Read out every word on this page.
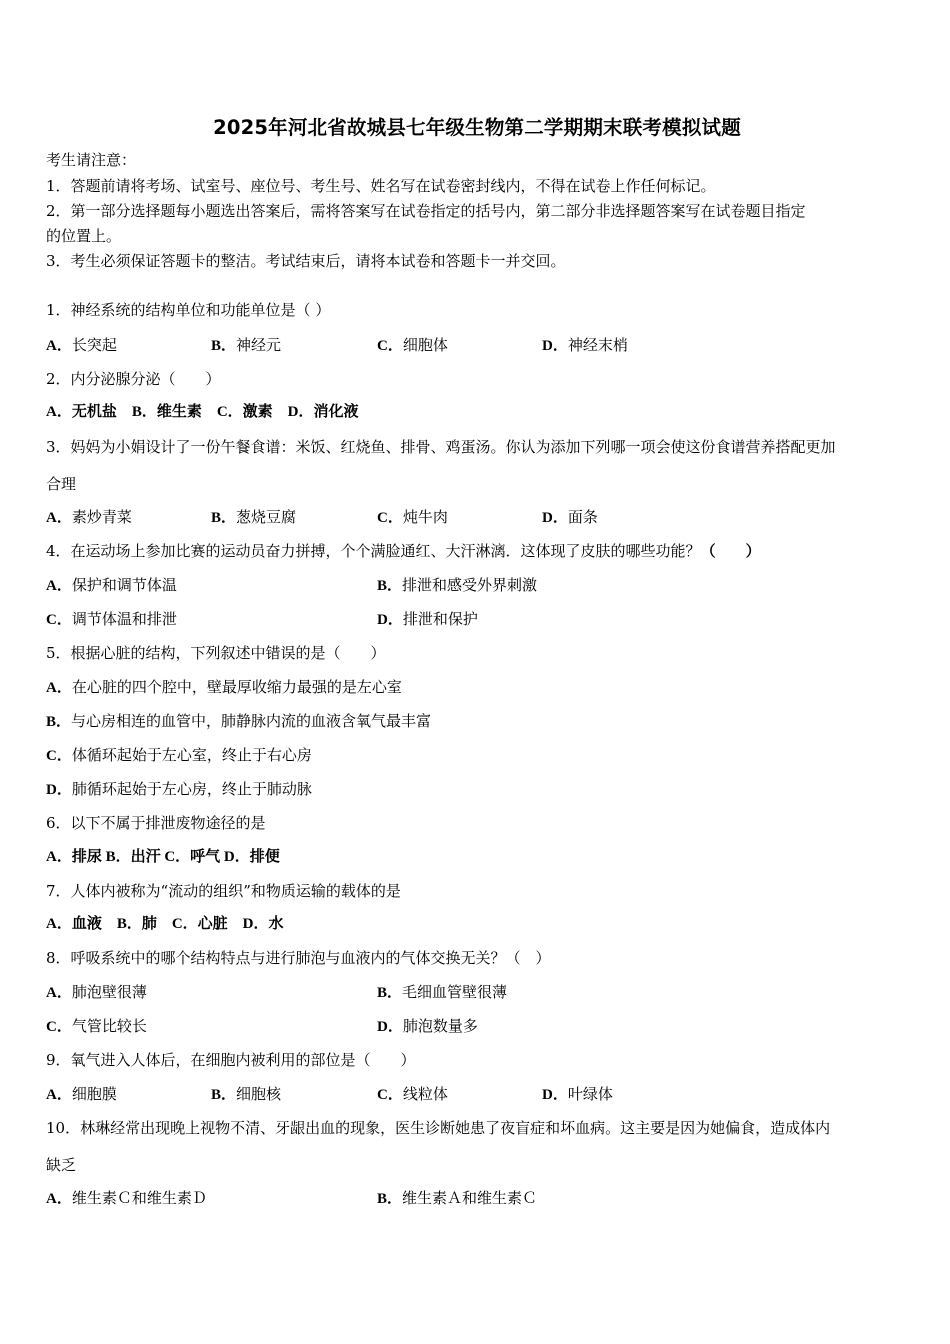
2025年河北省故城县七年级生物第二学期期末联考模拟试题
考生请注意：
1．答题前请将考场、试室号、座位号、考生号、姓名写在试卷密封线内，不得在试卷上作任何标记。
2．第一部分选择题每小题选出答案后，需将答案写在试卷指定的括号内，第二部分非选择题答案写在试卷题目指定
的位置上。
3．考生必须保证答题卡的整洁。考试结束后，请将本试卷和答题卡一并交回。
1．神经系统的结构单位和功能单位是（ ）
A．长突起	B．神经元	C．细胞体	D．神经末梢
2．内分泌腺分泌（　　）
A．无机盐　B．维生素　C．激素　D．消化液
3．妈妈为小娟设计了一份午餐食谱：米饭、红烧鱼、排骨、鸡蛋汤。你认为添加下列哪一项会使这份食谱营养搭配更加
合理
A．素炒青菜	B．葱烧豆腐	C．炖牛肉	D．面条
4．在运动场上参加比赛的运动员奋力拼搏，个个满脸通红、大汗淋漓．这体现了皮肤的哪些功能？（　　）
A．保护和调节体温	B．排泄和感受外界刺激
C．调节体温和排泄	D．排泄和保护
5．根据心脏的结构，下列叙述中错误的是（　　）
A．在心脏的四个腔中，壁最厚收缩力最强的是左心室
B．与心房相连的血管中，肺静脉内流的血液含氧气最丰富
C．体循环起始于左心室，终止于右心房
D．肺循环起始于左心房，终止于肺动脉
6．以下不属于排泄废物途径的是
A．排尿 B．出汗 C．呼气 D．排便
7．人体内被称为“流动的组织”和物质运输的载体的是
A．血液　B．肺　C．心脏　D．水
8．呼吸系统中的哪个结构特点与进行肺泡与血液内的气体交换无关？（　）
A．肺泡壁很薄	B．毛细血管壁很薄
C．气管比较长	D．肺泡数量多
9．氧气进入人体后，在细胞内被利用的部位是（　　）
A．细胞膜	B．细胞核	C．线粒体	D．叶绿体
10．林琳经常出现晚上视物不清、牙龈出血的现象，医生诊断她患了夜盲症和坏血病。这主要是因为她偏食，造成体内
缺乏
A．维生素Ｃ和维生素Ｄ	B．维生素Ａ和维生素Ｃ
